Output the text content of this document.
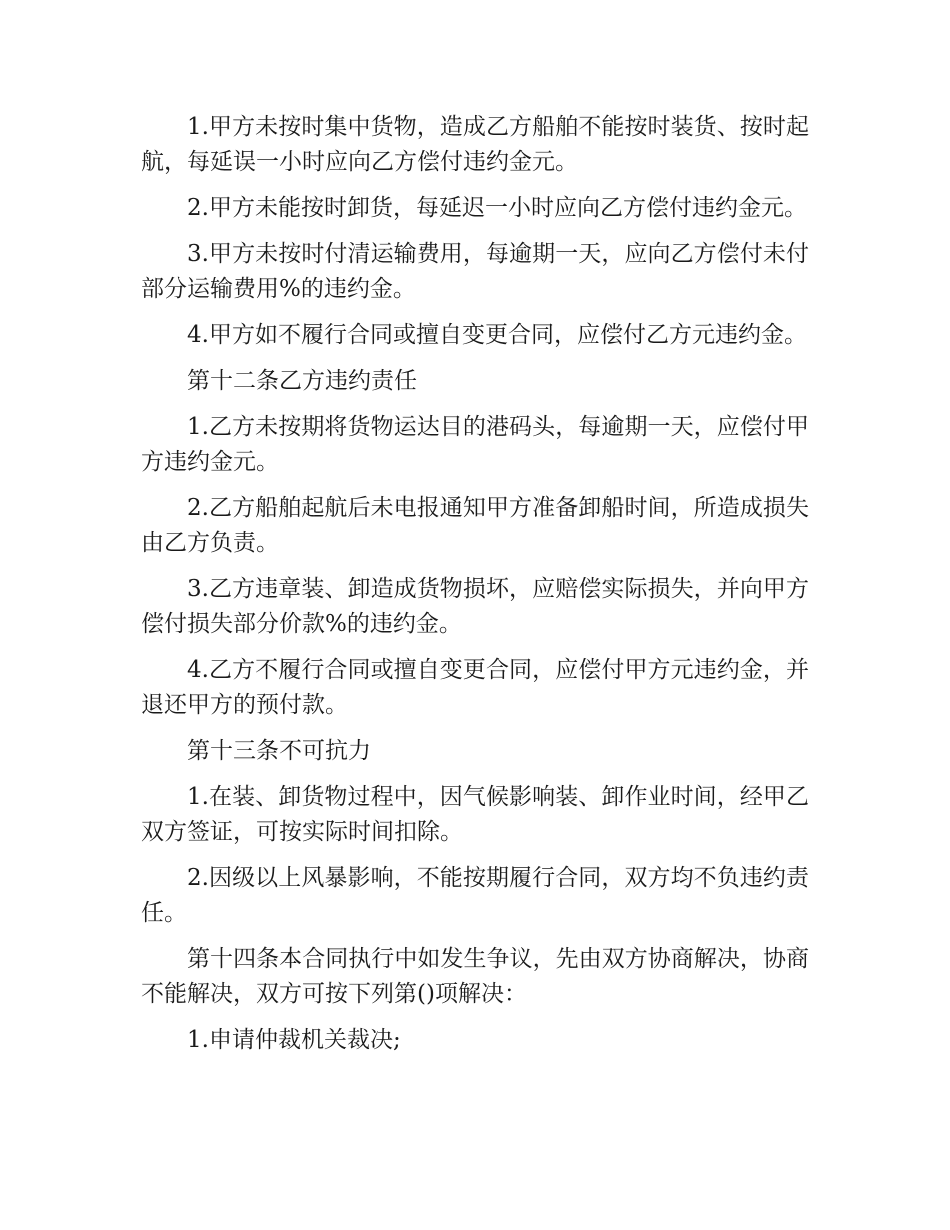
1.甲方未按时集中货物，造成乙方船舶不能按时装货、按时起航，每延误一小时应向乙方偿付违约金元。

2.甲方未能按时卸货，每延迟一小时应向乙方偿付违约金元。

3.甲方未按时付清运输费用，每逾期一天，应向乙方偿付未付部分运输费用%的违约金。

4.甲方如不履行合同或擅自变更合同，应偿付乙方元违约金。

第十二条乙方违约责任

1.乙方未按期将货物运达目的港码头，每逾期一天，应偿付甲方违约金元。

2.乙方船舶起航后未电报通知甲方准备卸船时间，所造成损失由乙方负责。

3.乙方违章装、卸造成货物损坏，应赔偿实际损失，并向甲方偿付损失部分价款%的违约金。

4.乙方不履行合同或擅自变更合同，应偿付甲方元违约金，并退还甲方的预付款。

第十三条不可抗力

1.在装、卸货物过程中，因气候影响装、卸作业时间，经甲乙双方签证，可按实际时间扣除。

2.因级以上风暴影响，不能按期履行合同，双方均不负违约责任。

第十四条本合同执行中如发生争议，先由双方协商解决，协商不能解决，双方可按下列第()项解决：

1.申请仲裁机关裁决;
